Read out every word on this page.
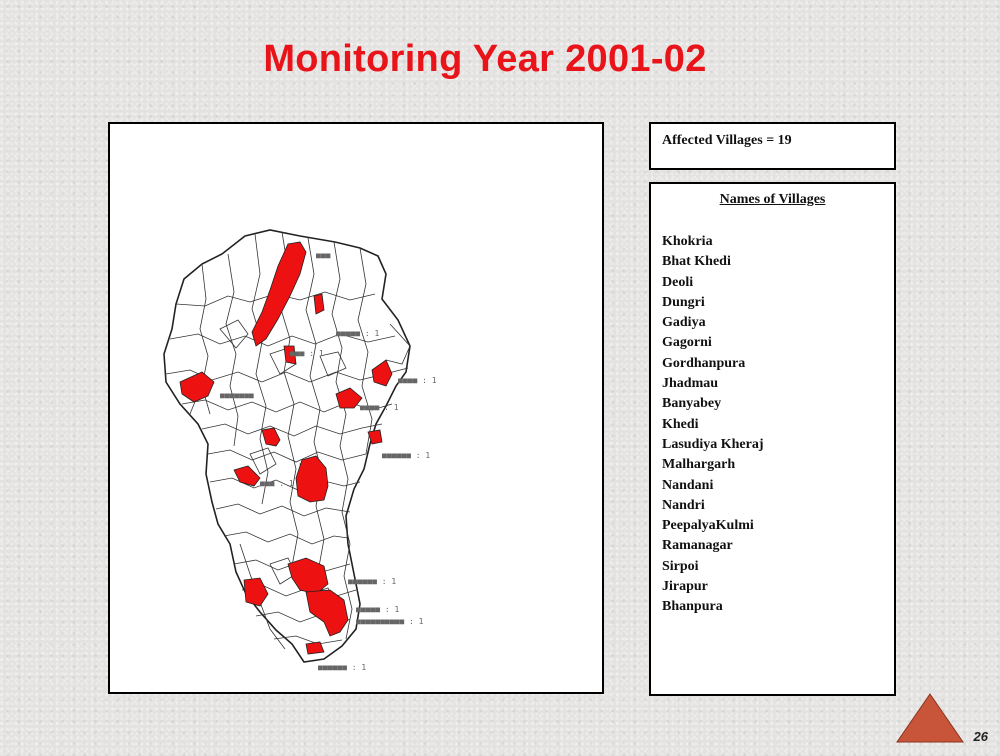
Monitoring Year 2001-02
■■■
■■■■■ : 1
■■■ : 1
■■■■ : 1
■■■■■■■
■■■■ : 1
■■■■■■ : 1
■■■ : 1
■■■■■■ : 1
■■■■■ : 1
■■■■■■■■■■ : 1
■■■■■■ : 1
Affected Villages = 19
Names of Villages
Khokria
Bhat Khedi
Deoli
Dungri
Gadiya
Gagorni
Gordhanpura
Jhadmau
Banyabey
Khedi
Lasudiya Kheraj
Malhargarh
Nandani
Nandri
PeepalyaKulmi
Ramanagar
Sirpoi
Jirapur
Bhanpura
26
